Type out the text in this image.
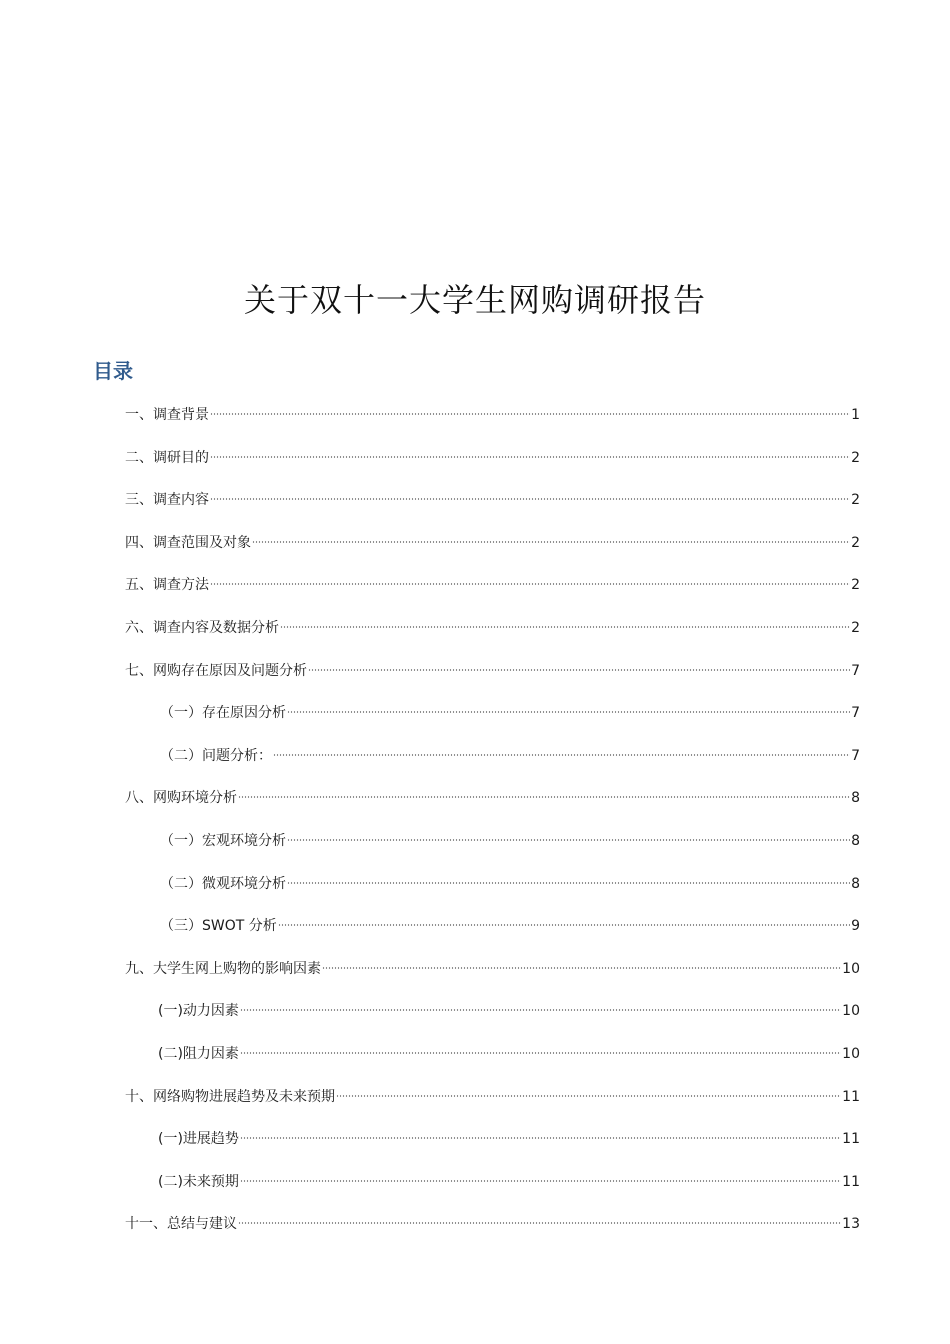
关于双十一大学生网购调研报告
目录
一、调查背景	1
二、调研目的	2
三、调查内容	2
四、调查范围及对象	2
五、调查方法	2
六、调查内容及数据分析	2
七、网购存在原因及问题分析	7
（一）存在原因分析	7
（二）问题分析：	7
八、网购环境分析	8
（一）宏观环境分析	8
（二）微观环境分析	8
（三）SWOT 分析	9
九、大学生网上购物的影响因素	10
(一)动力因素	10
(二)阻力因素	10
十、网络购物进展趋势及未来预期	11
(一)进展趋势	11
(二)未来预期	11
十一、总结与建议	13
